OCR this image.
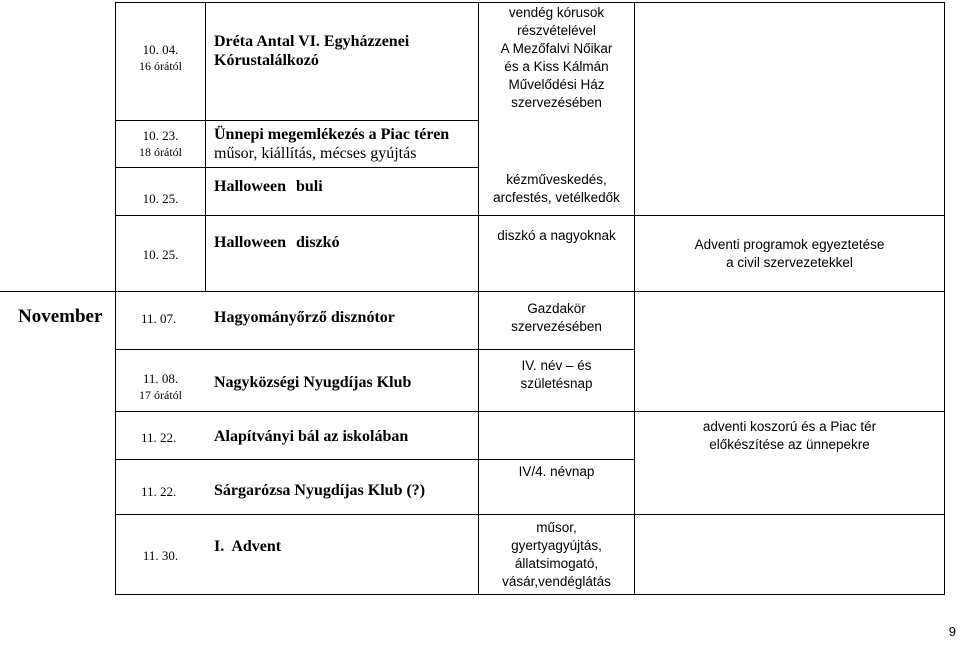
November
10. 04.
16 órától
Dréta Antal VI. Egyházzenei
Kórustalálkozó
vendég kórusok
részvételével
A Mezőfalvi Nőikar
és a Kiss Kálmán
Művelődési Ház
szervezésében
10. 23.
18 órától
Ünnepi megemlékezés a Piac téren
műsor, kiállítás, mécses gyújtás
10. 25.
Halloween buli	kézműveskedés,
arcfestés, vetélkedők
10. 25.
Halloween diszkó	diszkó a nagyoknak
Adventi programok egyeztetése
a civil szervezetekkel
11. 07. Hagyományőrző disznótor
Gazdakör
szervezésében
11. 08.
17 órától
Nagyközségi Nyugdíjas Klub
IV. név – és
születésnap
11. 22. Alapítványi bál az iskolában
adventi koszorú és a Piac tér
előkészítése az ünnepekre
11. 22. Sárgarózsa Nyugdíjas Klub (?)
IV/4. névnap
11. 30. I. Advent
műsor,
gyertyagyújtás,
állatsimogató,
vásár,vendéglátás
9
